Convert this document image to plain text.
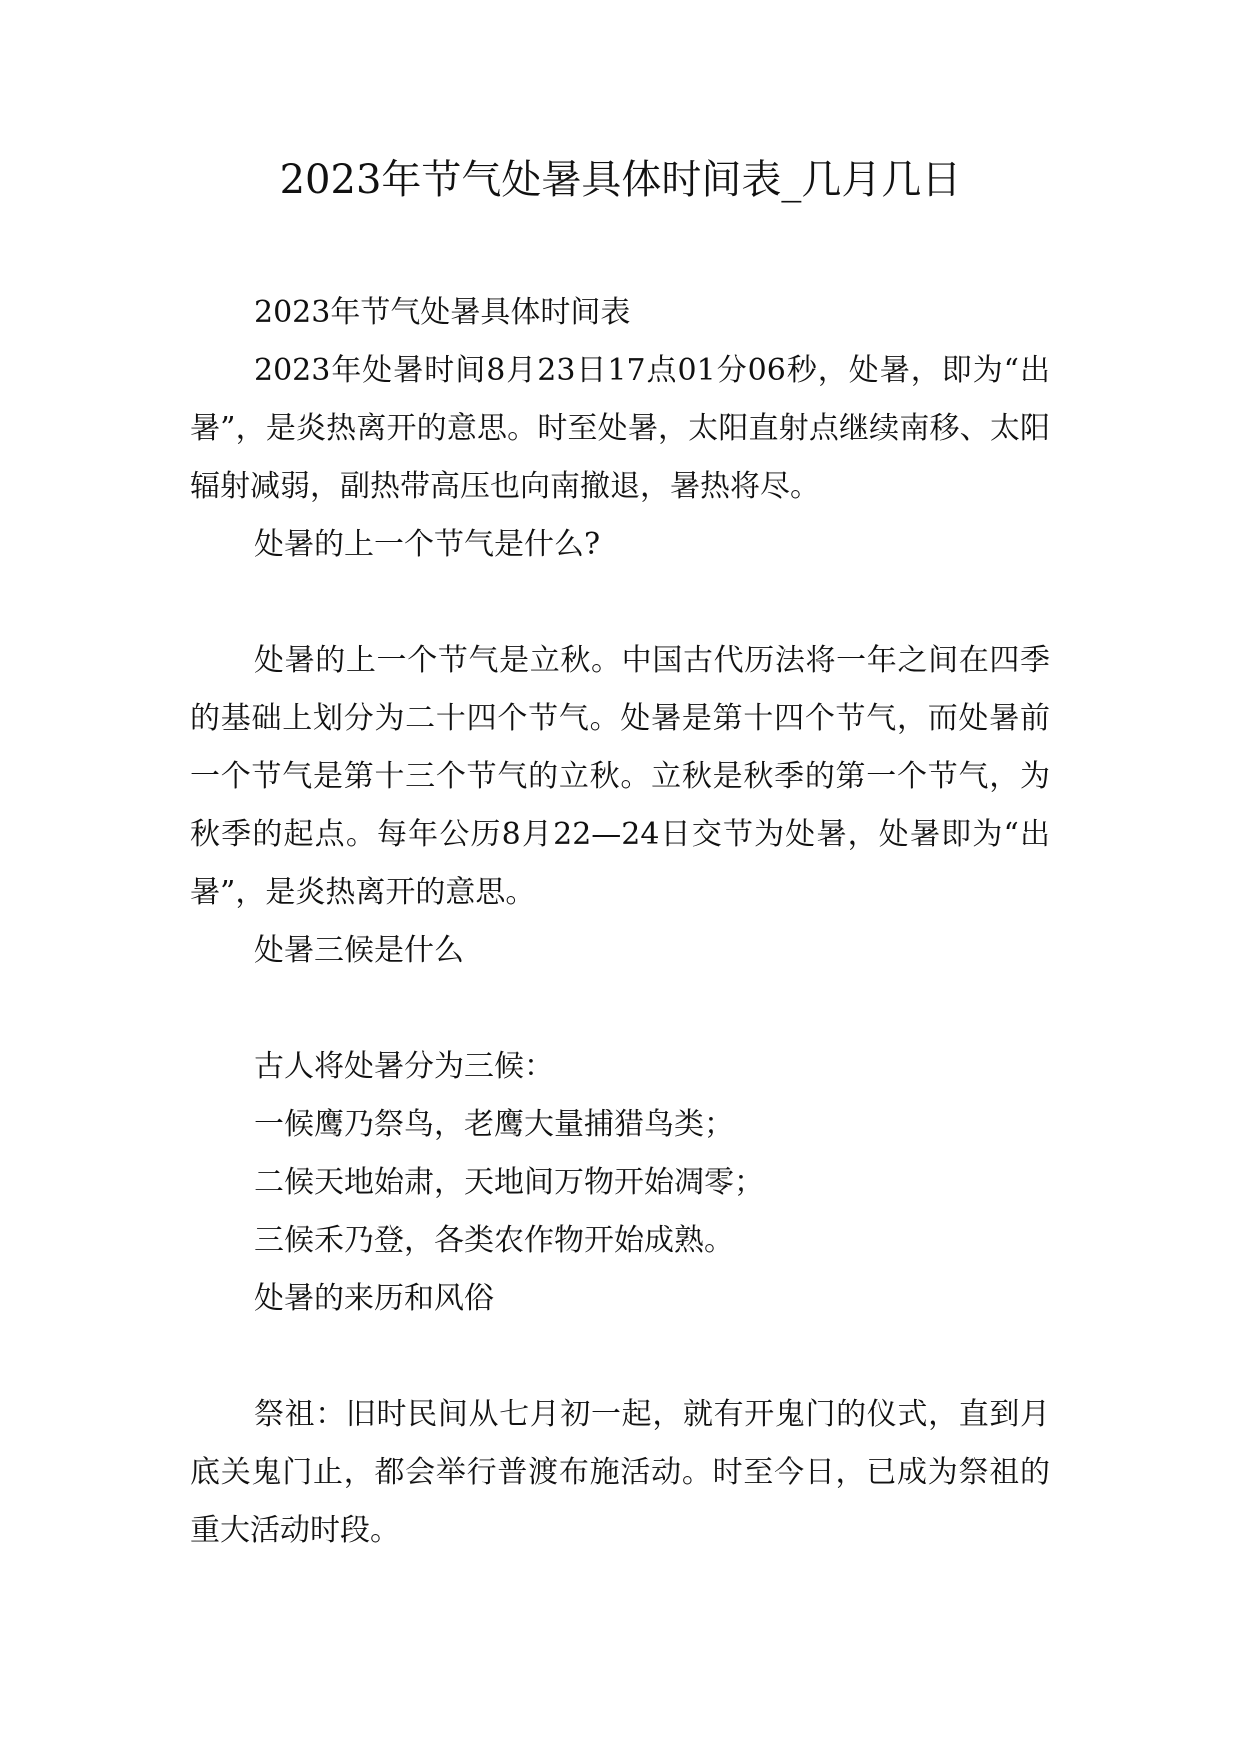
2023年节气处暑具体时间表_几月几日

2023年节气处暑具体时间表

2023年处暑时间8月23日17点01分06秒，处暑，即为“出暑”，是炎热离开的意思。时至处暑，太阳直射点继续南移、太阳辐射减弱，副热带高压也向南撤退，暑热将尽。

处暑的上一个节气是什么?

处暑的上一个节气是立秋。中国古代历法将一年之间在四季的基础上划分为二十四个节气。处暑是第十四个节气，而处暑前一个节气是第十三个节气的立秋。立秋是秋季的第一个节气，为秋季的起点。每年公历8月22—24日交节为处暑，处暑即为“出暑”，是炎热离开的意思。

处暑三候是什么

古人将处暑分为三候：

一候鹰乃祭鸟，老鹰大量捕猎鸟类；

二候天地始肃，天地间万物开始凋零；

三候禾乃登，各类农作物开始成熟。

处暑的来历和风俗

祭祖：旧时民间从七月初一起，就有开鬼门的仪式，直到月底关鬼门止，都会举行普渡布施活动。时至今日，已成为祭祖的重大活动时段。
